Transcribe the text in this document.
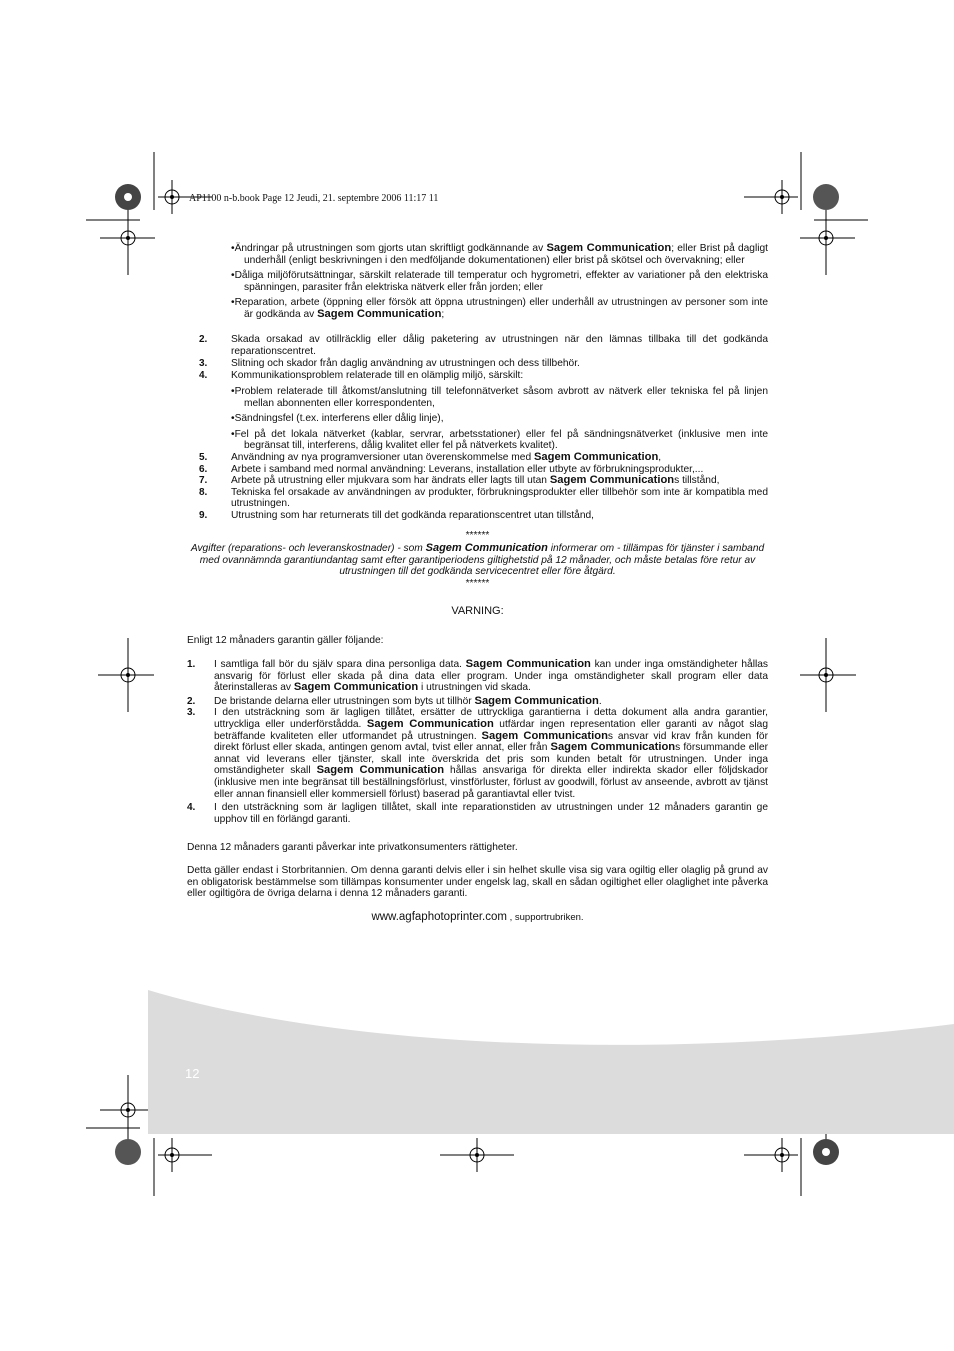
AP1100 n-b.book Page 12 Jeudi, 21. septembre 2006 11:17 11
•Ändringar på utrustningen som gjorts utan skriftligt godkännande av Sagem Communication; eller Brist på dagligt underhåll (enligt beskrivningen i den medföljande dokumentationen) eller brist på skötsel och övervakning; eller
•Dåliga miljöförutsättningar, särskilt relaterade till temperatur och hygrometri, effekter av variationer på den elektriska spänningen, parasiter från elektriska nätverk eller från jorden; eller
•Reparation, arbete (öppning eller försök att öppna utrustningen) eller underhåll av utrustningen av personer som inte är godkända av Sagem Communication;
2. Skada orsakad av otillräcklig eller dålig paketering av utrustningen när den lämnas tillbaka till det godkända reparationscentret.
3. Slitning och skador från daglig användning av utrustningen och dess tillbehör.
4. Kommunikationsproblem relaterade till en olämplig miljö, särskilt:
•Problem relaterade till åtkomst/anslutning till telefonnätverket såsom avbrott av nätverk eller tekniska fel på linjen mellan abonnenten eller korrespondenten,
•Sändningsfel (t.ex. interferens eller dålig linje),
•Fel på det lokala nätverket (kablar, servrar, arbetsstationer) eller fel på sändningsnätverket (inklusive men inte begränsat till, interferens, dålig kvalitet eller fel på nätverkets kvalitet).
5. Användning av nya programversioner utan överenskommelse med Sagem Communication,
6. Arbete i samband med normal användning: Leverans, installation eller utbyte av förbrukningsprodukter,...
7. Arbete på utrustning eller mjukvara som har ändrats eller lagts till utan Sagem Communications tillstånd,
8. Tekniska fel orsakade av användningen av produkter, förbrukningsprodukter eller tillbehör som inte är kompatibla med utrustningen.
9. Utrustning som har returnerats till det godkända reparationscentret utan tillstånd,
******
Avgifter (reparations- och leveranskostnader) - som Sagem Communication informerar om - tillämpas för tjänster i samband med ovannämnda garantiundantag samt efter garantiperiodens giltighetstid på 12 månader, och måste betalas före retur av utrustningen till det godkända servicecentret eller före åtgärd.
******
VARNING:
Enligt 12 månaders garantin gäller följande:
1. I samtliga fall bör du själv spara dina personliga data. Sagem Communication kan under inga omständigheter hållas ansvarig för förlust eller skada på dina data eller program. Under inga omständigheter skall program eller data återinstalleras av Sagem Communication i utrustningen vid skada.
2. De bristande delarna eller utrustningen som byts ut tillhör Sagem Communication.
3. I den utsträckning som är lagligen tillåtet, ersätter de uttryckliga garantierna i detta dokument alla andra garantier, uttryckliga eller underförstådda. Sagem Communication utfärdar ingen representation eller garanti av något slag beträffande kvaliteten eller utformandet på utrustningen. Sagem Communications ansvar vid krav från kunden för direkt förlust eller skada, antingen genom avtal, tvist eller annat, eller från Sagem Communications försummande eller annat vid leverans eller tjänster, skall inte överskrida det pris som kunden betalt för utrustningen. Under inga omständigheter skall Sagem Communication hållas ansvariga för direkta eller indirekta skador eller följdskador (inklusive men inte begränsat till beställningsförlust, vinstförluster, förlust av goodwill, förlust av anseende, avbrott av tjänst eller annan finansiell eller kommersiell förlust) baserad på garantiavtal eller tvist.
4. I den utsträckning som är lagligen tillåtet, skall inte reparationstiden av utrustningen under 12 månaders garantin ge upphov till en förlängd garanti.
Denna 12 månaders garanti påverkar inte privatkonsumenters rättigheter.
Detta gäller endast i Storbritannien. Om denna garanti delvis eller i sin helhet skulle visa sig vara ogiltig eller olaglig på grund av en obligatorisk bestämmelse som tillämpas konsumenter under engelsk lag, skall en sådan ogiltighet eller olaglighet inte påverka eller ogiltigöra de övriga delarna i denna 12 månaders garanti.
www.agfaphotoprinter.com , supportrubriken.
12
